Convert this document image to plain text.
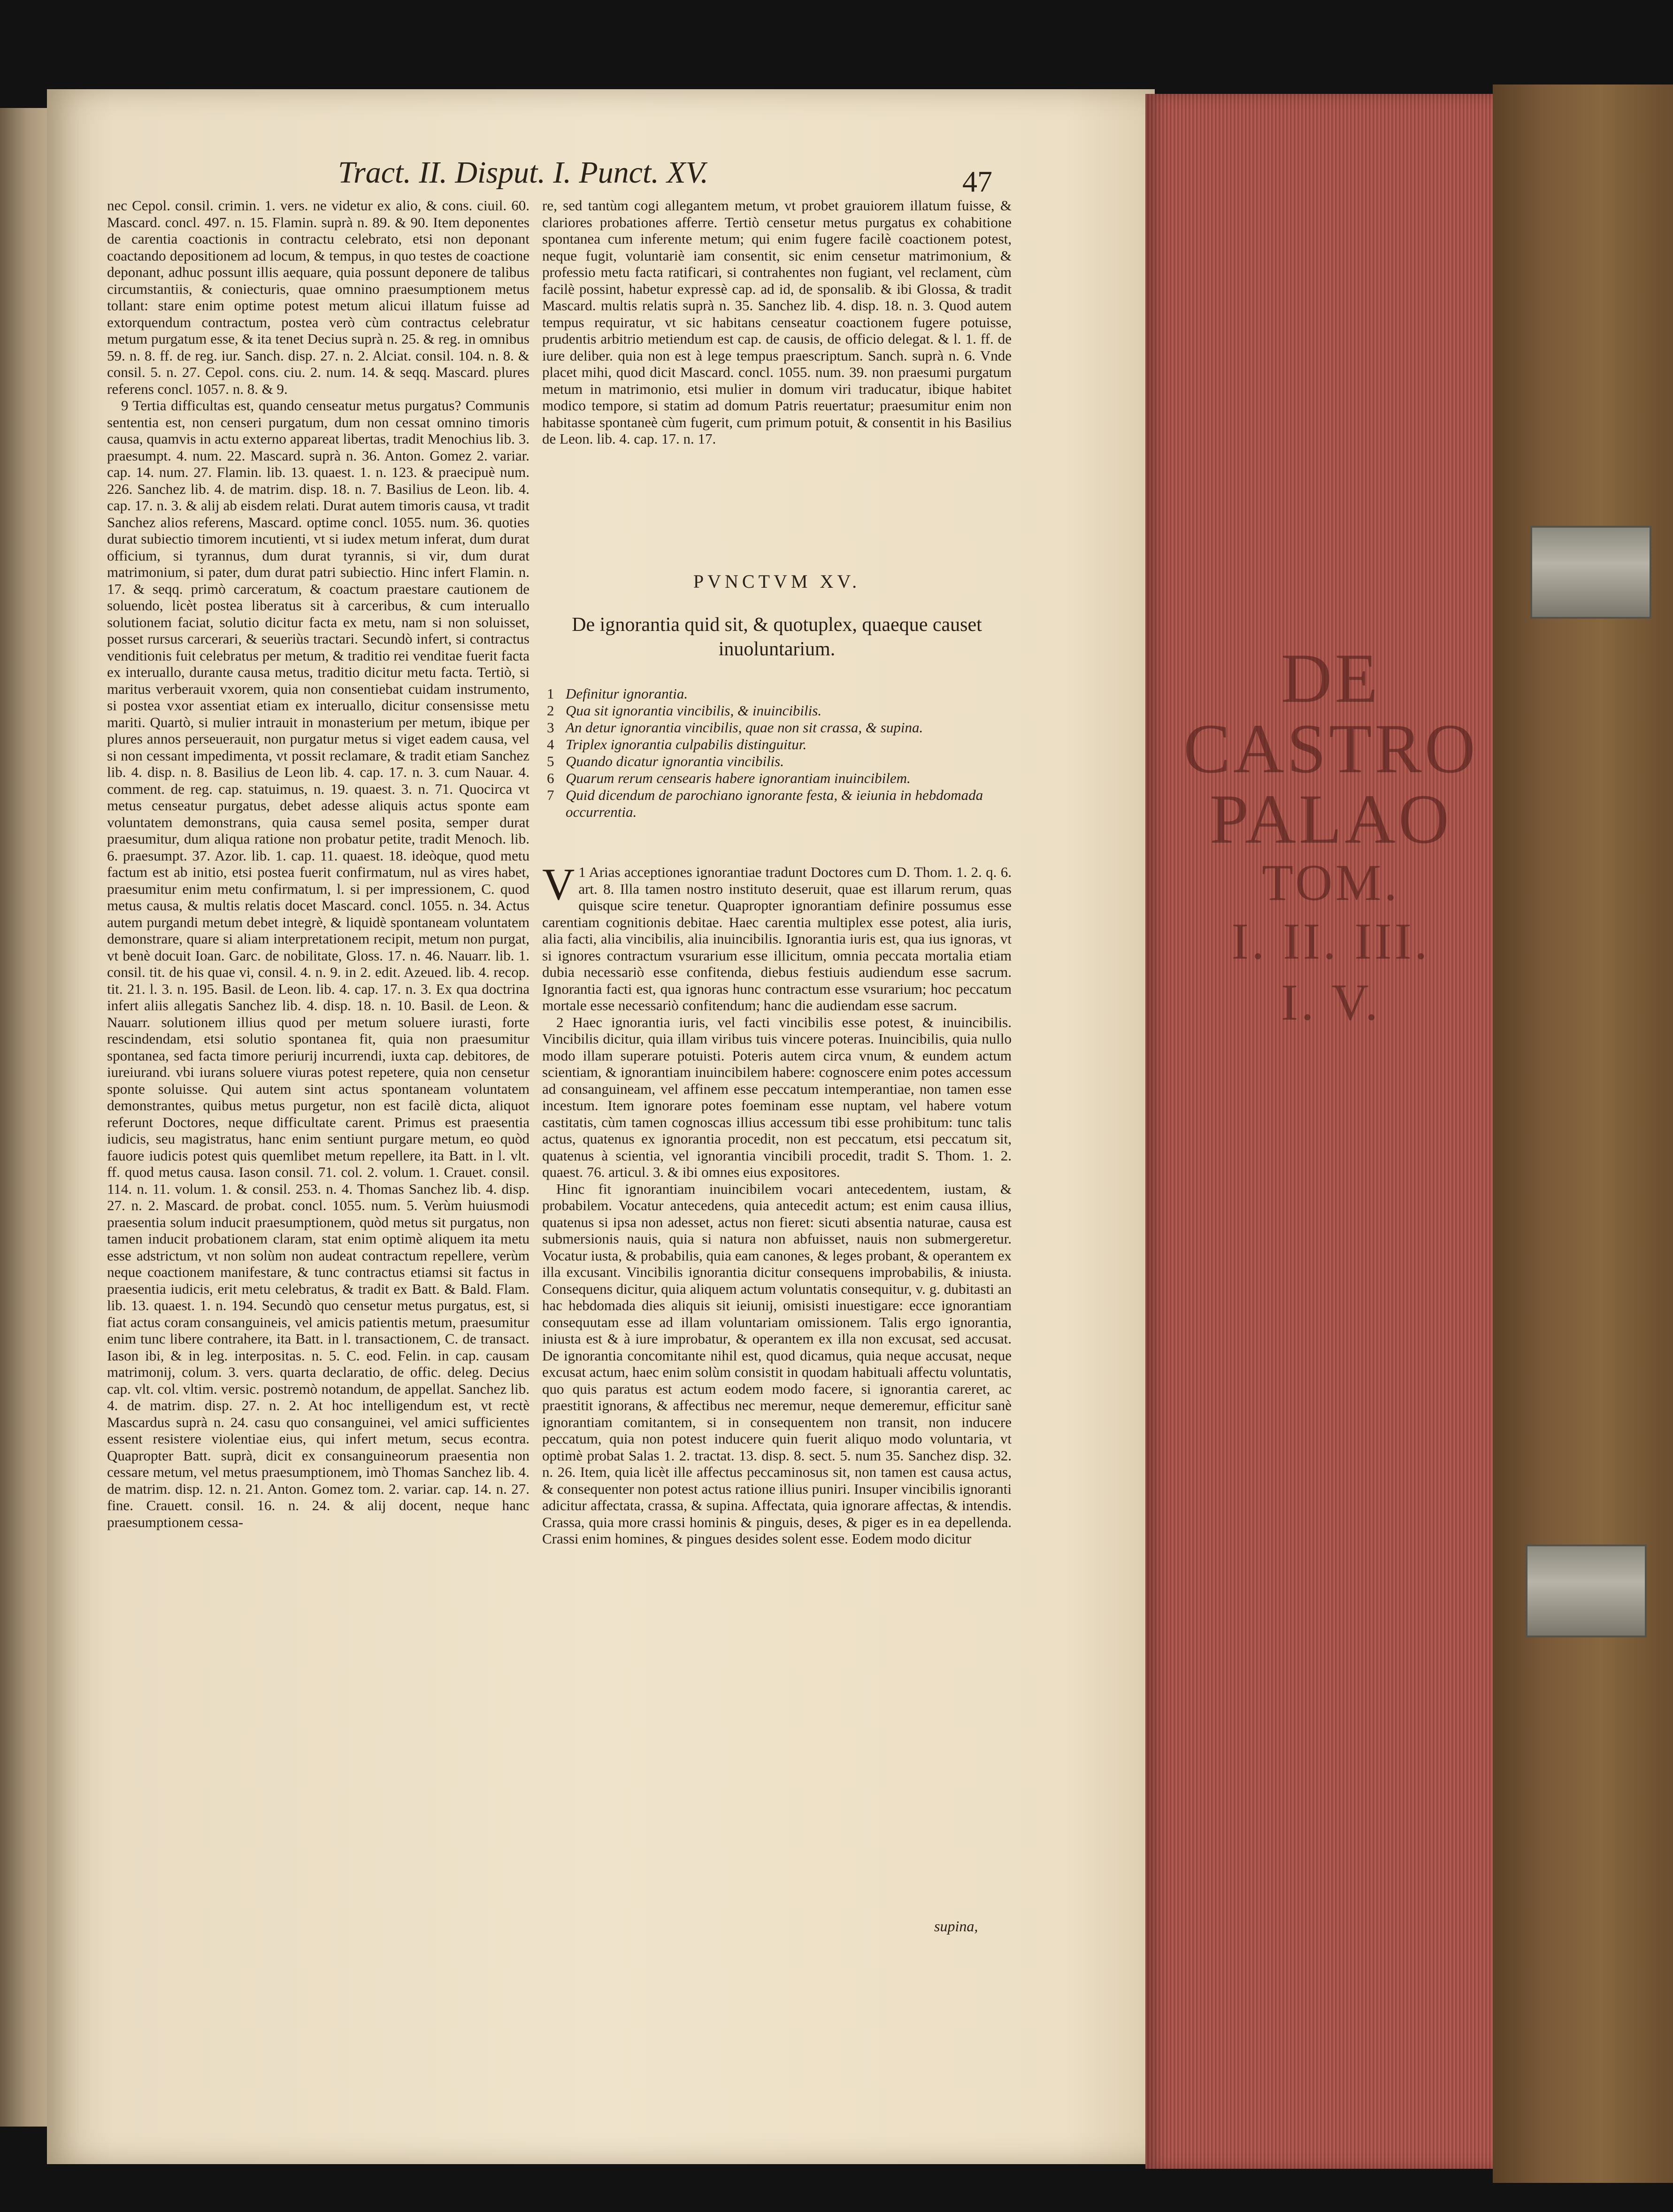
DE
CASTRO
PALAO
TOM.
I. II. III.
I. V.
Tract. II. Disput. I. Punct. XV.	47

nec Cepol. consil. crimin. 1. vers. ne videtur ex alio, & cons. ciuil. 60. Mascard. concl. 497. n. 15. Flamin. suprà n. 89. & 90. Item deponentes de carentia coactionis in contractu celebrato, etsi non deponant coactando depositionem ad locum, & tempus, in quo testes de coactione deponant, adhuc possunt illis aequare, quia possunt deponere de talibus circumstantiis, & coniecturis, quae omnino praesumptionem metus tollant: stare enim optime potest metum alicui illatum fuisse ad extorquendum contractum, postea verò cùm contractus celebratur metum purgatum esse, & ita tenet Decius suprà n. 25. & reg. in omnibus 59. n. 8. ff. de reg. iur. Sanch. disp. 27. n. 2. Alciat. consil. 104. n. 8. & consil. 5. n. 27. Cepol. cons. ciu. 2. num. 14. & seqq. Mascard. plures referens concl. 1057. n. 8. & 9.

9 Tertia difficultas est, quando censeatur metus purgatus? Communis sententia est, non censeri purgatum, dum non cessat omnino timoris causa, quamvis in actu externo appareat libertas, tradit Menochius lib. 3. praesumpt. 4. num. 22. Mascard. suprà n. 36. Anton. Gomez 2. variar. cap. 14. num. 27. Flamin. lib. 13. quaest. 1. n. 123. & praecipuè num. 226. Sanchez lib. 4. de matrim. disp. 18. n. 7. Basilius de Leon. lib. 4. cap. 17. n. 3. & alij ab eisdem relati. Durat autem timoris causa, vt tradit Sanchez alios referens, Mascard. optime concl. 1055. num. 36. quoties durat subiectio timorem incutienti, vt si iudex metum inferat, dum durat officium, si tyrannus, dum durat tyrannis, si vir, dum durat matrimonium, si pater, dum durat patri subiectio. Hinc infert Flamin. n. 17. & seqq. primò carceratum, & coactum praestare cautionem de soluendo, licèt postea liberatus sit à carceribus, & cum interuallo solutionem faciat, solutio dicitur facta ex metu, nam si non soluisset, posset rursus carcerari, & seueriùs tractari. Secundò infert, si contractus venditionis fuit celebratus per metum, & traditio rei venditae fuerit facta ex interuallo, durante causa metus, traditio dicitur metu facta. Tertiò, si maritus verberauit vxorem, quia non consentiebat cuidam instrumento, si postea vxor assentiat etiam ex interuallo, dicitur consensisse metu mariti. Quartò, si mulier intrauit in monasterium per metum, ibique per plures annos perseuerauit, non purgatur metus si viget eadem causa, vel si non cessant impedimenta, vt possit reclamare, & tradit etiam Sanchez lib. 4. disp. n. 8. Basilius de Leon lib. 4. cap. 17. n. 3. cum Nauar. 4. comment. de reg. cap. statuimus, n. 19. quaest. 3. n. 71. Quocirca vt metus censeatur purgatus, debet adesse aliquis actus sponte eam voluntatem demonstrans, quia causa semel posita, semper durat praesumitur, dum aliqua ratione non probatur petite, tradit Menoch. lib. 6. praesumpt. 37. Azor. lib. 1. cap. 11. quaest. 18. ideòque, quod metu factum est ab initio, etsi postea fuerit confirmatum, nul as vires habet, praesumitur enim metu confirmatum, l. si per impressionem, C. quod metus causa, & multis relatis docet Mascard. concl. 1055. n. 34. Actus autem purgandi metum debet integrè, & liquidè spontaneam voluntatem demonstrare, quare si aliam interpretationem recipit, metum non purgat, vt benè docuit Ioan. Garc. de nobilitate, Gloss. 17. n. 46. Nauarr. lib. 1. consil. tit. de his quae vi, consil. 4. n. 9. in 2. edit. Azeued. lib. 4. recop. tit. 21. l. 3. n. 195. Basil. de Leon. lib. 4. cap. 17. n. 3. Ex qua doctrina infert aliis allegatis Sanchez lib. 4. disp. 18. n. 10. Basil. de Leon. & Nauarr. solutionem illius quod per metum soluere iurasti, forte rescindendam, etsi solutio spontanea fit, quia non praesumitur spontanea, sed facta timore periurij incurrendi, iuxta cap. debitores, de iureiurand. vbi iurans soluere viuras potest repetere, quia non censetur sponte soluisse. Qui autem sint actus spontaneam voluntatem demonstrantes, quibus metus purgetur, non est facilè dicta, aliquot referunt Doctores, neque difficultate carent. Primus est praesentia iudicis, seu magistratus, hanc enim sentiunt purgare metum, eo quòd fauore iudicis potest quis quemlibet metum repellere, ita Batt. in l. vlt. ff. quod metus causa. Iason consil. 71. col. 2. volum. 1. Crauet. consil. 114. n. 11. volum. 1. & consil. 253. n. 4. Thomas Sanchez lib. 4. disp. 27. n. 2. Mascard. de probat. concl. 1055. num. 5. Verùm huiusmodi praesentia solum inducit praesumptionem, quòd metus sit purgatus, non tamen inducit probationem claram, stat enim optimè aliquem ita metu esse adstrictum, vt non solùm non audeat contractum repellere, verùm neque coactionem manifestare, & tunc contractus etiamsi sit factus in praesentia iudicis, erit metu celebratus, & tradit ex Batt. & Bald. Flam. lib. 13. quaest. 1. n. 194. Secundò quo censetur metus purgatus, est, si fiat actus coram consanguineis, vel amicis patientis metum, praesumitur enim tunc libere contrahere, ita Batt. in l. transactionem, C. de transact. Iason ibi, & in leg. interpositas. n. 5. C. eod. Felin. in cap. causam matrimonij, colum. 3. vers. quarta declaratio, de offic. deleg. Decius cap. vlt. col. vltim. versic. postremò notandum, de appellat. Sanchez lib. 4. de matrim. disp. 27. n. 2. At hoc intelligendum est, vt rectè Mascardus suprà n. 24. casu quo consanguinei, vel amici sufficientes essent resistere violentiae eius, qui infert metum, secus econtra. Quapropter Batt. suprà, dicit ex consanguineorum praesentia non cessare metum, vel metus praesumptionem, imò Thomas Sanchez lib. 4. de matrim. disp. 12. n. 21. Anton. Gomez tom. 2. variar. cap. 14. n. 27. fine. Crauett. consil. 16. n. 24. & alij docent, neque hanc praesumptionem cessa-

re, sed tantùm cogi allegantem metum, vt probet grauiorem illatum fuisse, & clariores probationes afferre. Tertiò censetur metus purgatus ex cohabitione spontanea cum inferente metum; qui enim fugere facilè coactionem potest, neque fugit, voluntariè iam consentit, sic enim censetur matrimonium, & professio metu facta ratificari, si contrahentes non fugiant, vel reclament, cùm facilè possint, habetur expressè cap. ad id, de sponsalib. & ibi Glossa, & tradit Mascard. multis relatis suprà n. 35. Sanchez lib. 4. disp. 18. n. 3. Quod autem tempus requiratur, vt sic habitans censeatur coactionem fugere potuisse, prudentis arbitrio metiendum est cap. de causis, de officio delegat. & l. 1. ff. de iure deliber. quia non est à lege tempus praescriptum. Sanch. suprà n. 6. Vnde placet mihi, quod dicit Mascard. concl. 1055. num. 39. non praesumi purgatum metum in matrimonio, etsi mulier in domum viri traducatur, ibique habitet modico tempore, si statim ad domum Patris reuertatur; praesumitur enim non habitasse spontaneè cùm fugerit, cum primum potuit, & consentit in his Basilius de Leon. lib. 4. cap. 17. n. 17.

PVNCTVM XV.
De ignorantia quid sit, & quotuplex, quaeque causet inuoluntarium.
1 Definitur ignorantia.
2 Qua sit ignorantia vincibilis, & inuincibilis.
3 An detur ignorantia vincibilis, quae non sit crassa, & supina.
4 Triplex ignorantia culpabilis distinguitur.
5 Quando dicatur ignorantia vincibilis.
6 Quarum rerum censearis habere ignorantiam inuincibilem.
7 Quid dicendum de parochiano ignorante festa, & ieiunia in hebdomada occurrentia.

V 1 Arias acceptiones ignorantiae tradunt Doctores cum D. Thom. 1. 2. q. 6. art. 8. Illa tamen nostro instituto deseruit, quae est illarum rerum, quas quisque scire tenetur. Quapropter ignorantiam definire possumus esse carentiam cognitionis debitae. Haec carentia multiplex esse potest, alia iuris, alia facti, alia vincibilis, alia inuincibilis. Ignorantia iuris est, qua ius ignoras, vt si ignores contractum vsurarium esse illicitum, omnia peccata mortalia etiam dubia necessariò esse confitenda, diebus festiuis audiendum esse sacrum. Ignorantia facti est, qua ignoras hunc contractum esse vsurarium; hoc peccatum mortale esse necessariò confitendum; hanc die audiendam esse sacrum.

2 Haec ignorantia iuris, vel facti vincibilis esse potest, & inuincibilis. Vincibilis dicitur, quia illam viribus tuis vincere poteras. Inuincibilis, quia nullo modo illam superare potuisti. Poteris autem circa vnum, & eundem actum scientiam, & ignorantiam inuincibilem habere: cognoscere enim potes accessum ad consanguineam, vel affinem esse peccatum intemperantiae, non tamen esse incestum. Item ignorare potes foeminam esse nuptam, vel habere votum castitatis, cùm tamen cognoscas illius accessum tibi esse prohibitum: tunc talis actus, quatenus ex ignorantia procedit, non est peccatum, etsi peccatum sit, quatenus à scientia, vel ignorantia vincibili procedit, tradit S. Thom. 1. 2. quaest. 76. articul. 3. & ibi omnes eius expositores.

Hinc fit ignorantiam inuincibilem vocari antecedentem, iustam, & probabilem. Vocatur antecedens, quia antecedit actum; est enim causa illius, quatenus si ipsa non adesset, actus non fieret: sicuti absentia naturae, causa est submersionis nauis, quia si natura non abfuisset, nauis non submergeretur. Vocatur iusta, & probabilis, quia eam canones, & leges probant, & operantem ex illa excusant. Vincibilis ignorantia dicitur consequens improbabilis, & iniusta. Consequens dicitur, quia aliquem actum voluntatis consequitur, v. g. dubitasti an hac hebdomada dies aliquis sit ieiunij, omisisti inuestigare: ecce ignorantiam consequutam esse ad illam voluntariam omissionem. Talis ergo ignorantia, iniusta est & à iure improbatur, & operantem ex illa non excusat, sed accusat. De ignorantia concomitante nihil est, quod dicamus, quia neque accusat, neque excusat actum, haec enim solùm consistit in quodam habituali affectu voluntatis, quo quis paratus est actum eodem modo facere, si ignorantia careret, ac praestitit ignorans, & affectibus nec meremur, neque demeremur, efficitur sanè ignorantiam comitantem, si in consequentem non transit, non inducere peccatum, quia non potest inducere quin fuerit aliquo modo voluntaria, vt optimè probat Salas 1. 2. tractat. 13. disp. 8. sect. 5. num 35. Sanchez disp. 32. n. 26. Item, quia licèt ille affectus peccaminosus sit, non tamen est causa actus, & consequenter non potest actus ratione illius puniri. Insuper vincibilis ignoranti adicitur affectata, crassa, & supina. Affectata, quia ignorare affectas, & intendis. Crassa, quia more crassi hominis & pinguis, deses, & piger es in ea depellenda. Crassi enim homines, & pingues desides solent esse. Eodem modo dicitur

supina,
